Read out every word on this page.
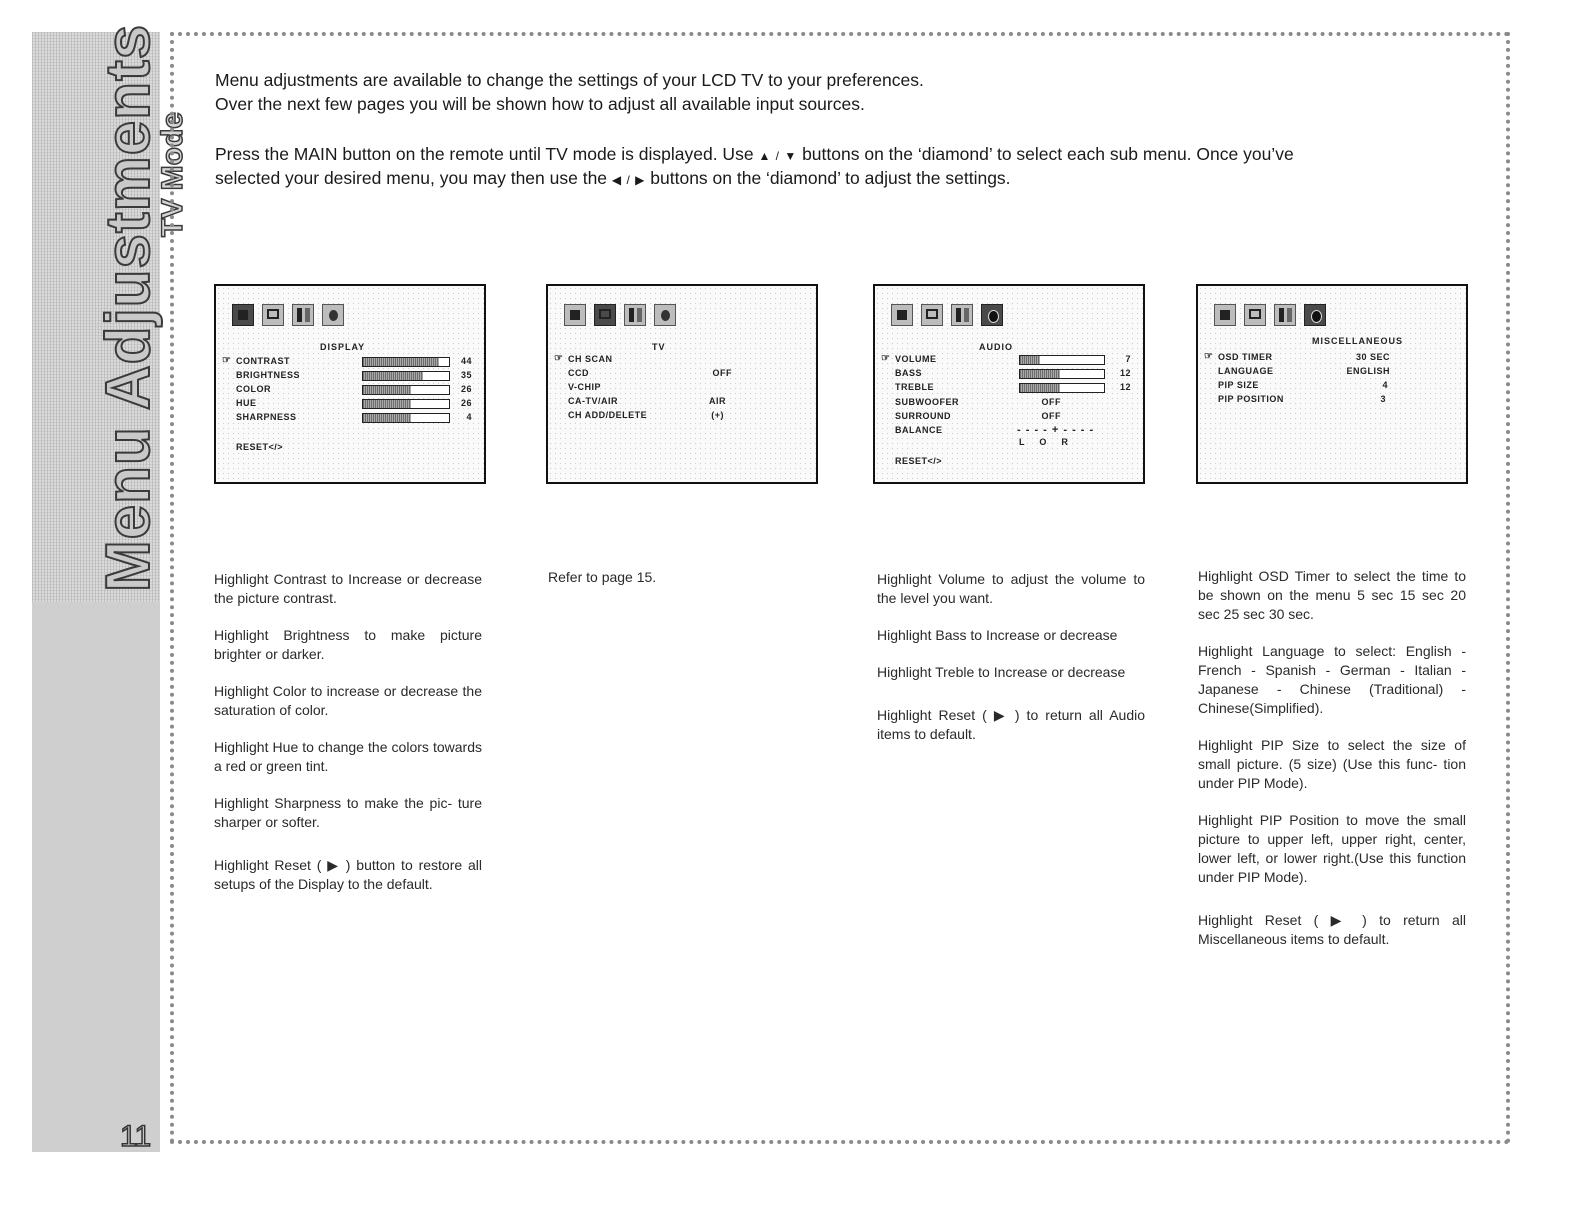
Menu Adjustments
TV Mode
11
Menu adjustments are available to change the settings of your LCD TV to your preferences.
Over the next few pages you will be shown how to adjust all available input sources.
Press the MAIN button on the remote until TV mode is displayed. Use ▲ / ▼ buttons on the ‘diamond’ to select each sub menu. Once you’ve
selected your desired menu, you may then use the ◀ / ▶ buttons on the ‘diamond’ to adjust the settings.
DISPLAY
☞ CONTRAST	44
BRIGHTNESS	35
COLOR	26
HUE	26
SHARPNESS	4
RESET</>
TV
☞ CH SCAN
CCD	OFF
V-CHIP
CA-TV/AIR	AIR
CH ADD/DELETE	(+)
AUDIO
☞ VOLUME	7
BASS	12
TREBLE	12
SUBWOOFER	OFF
SURROUND	OFF
BALANCE	- - - - + - - - -
L      O      R
RESET</>
MISCELLANEOUS
☞ OSD TIMER	30 SEC
LANGUAGE	ENGLISH
PIP SIZE	4
PIP POSITION	3

Highlight Contrast to Increase or decrease the picture contrast.

Highlight Brightness to make picture brighter or darker.

Highlight Color to increase or decrease the saturation of color.

Highlight Hue to change the colors towards a red or green tint.

Highlight Sharpness to make the pic- ture sharper or softer.

Highlight Reset ( ▶ ) button to restore all setups of the Display to the default.

Refer to page 15.	Highlight Volume to adjust the volume to the level you want.

Highlight Bass to Increase or decrease

Highlight Treble to Increase or decrease

Highlight Reset ( ▶ ) to return all Audio items to default.

Highlight OSD Timer to select the time to be shown on the menu 5 sec 15 sec 20 sec 25 sec 30 sec.

Highlight Language to select: English - French - Spanish - German - Italian - Japanese - Chinese (Traditional) - Chinese(Simplified).

Highlight PIP Size to select the size of small picture. (5 size) (Use this func- tion under PIP Mode).

Highlight PIP Position to move the small picture to upper left, upper right, center, lower left, or lower right.(Use this function under PIP Mode).

Highlight Reset ( ▶ ) to return all Miscellaneous items to default.
